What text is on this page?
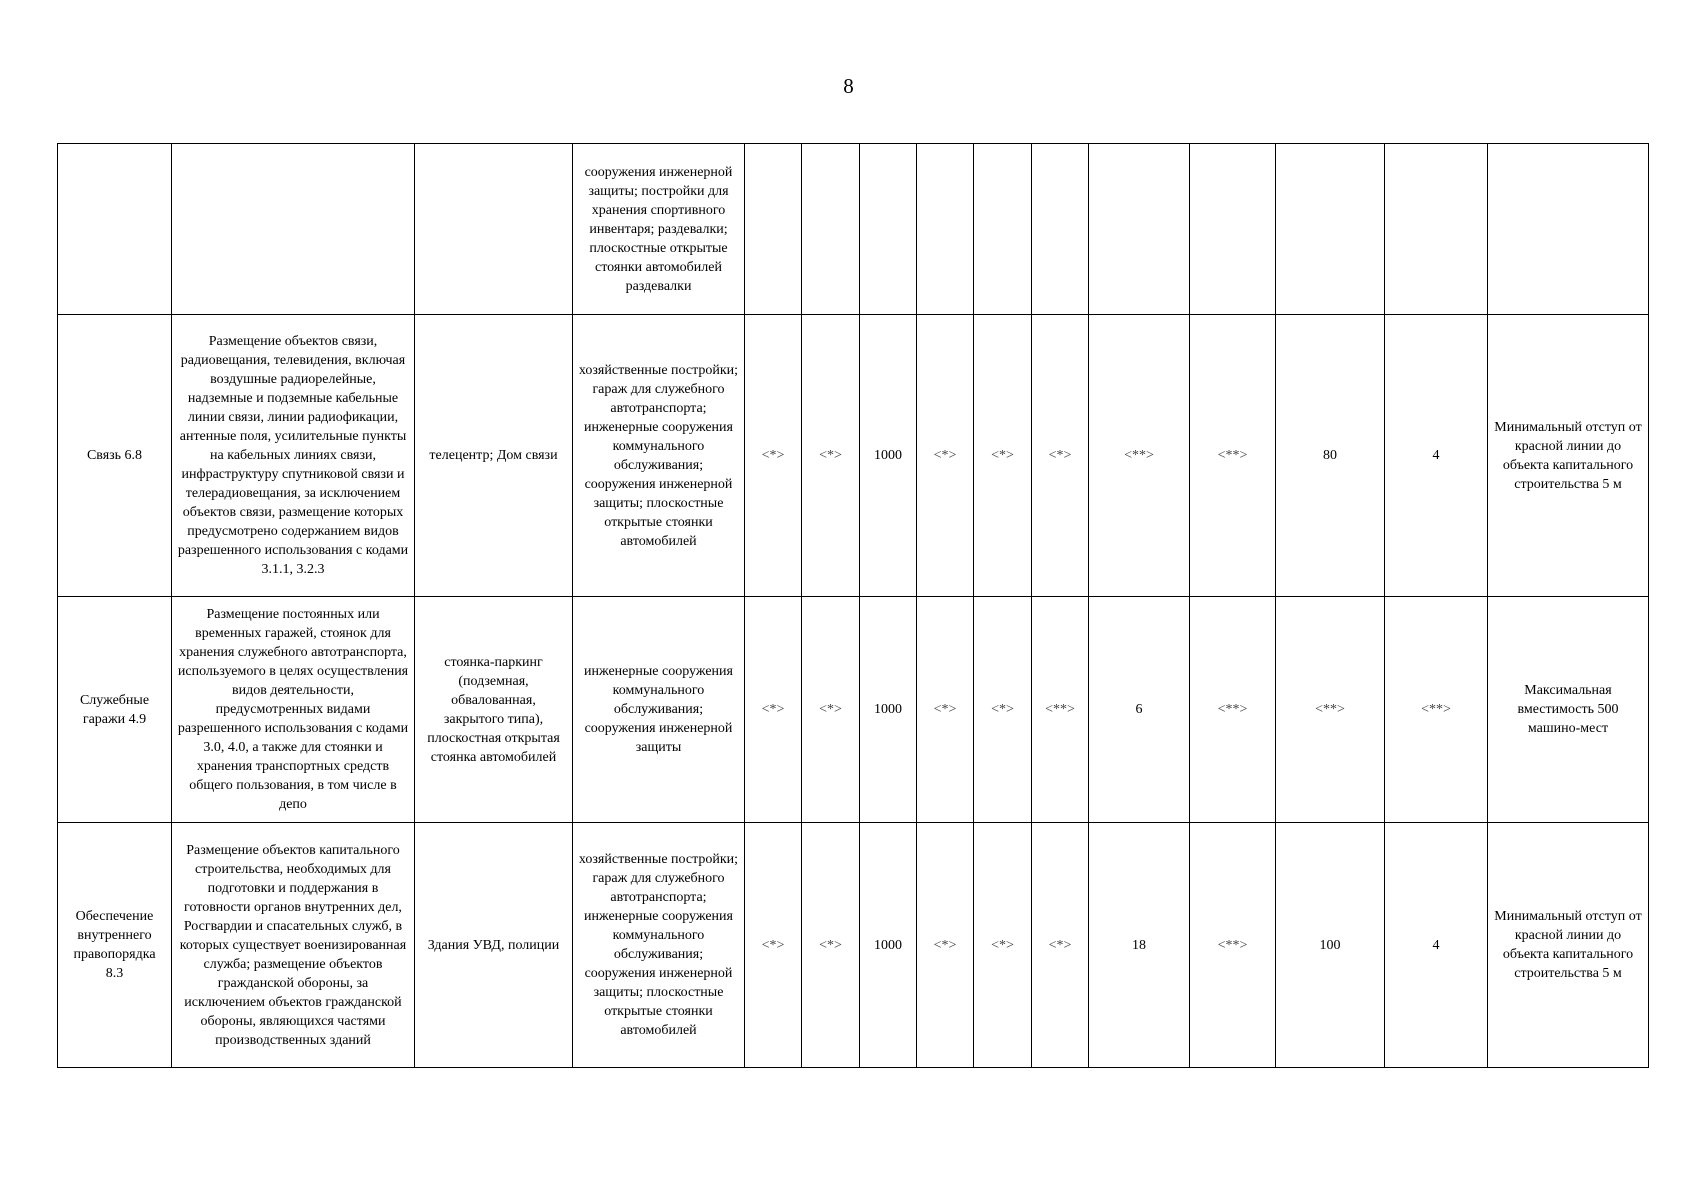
8
			сооружения инженерной защиты; постройки для хранения спортивного инвентаря; раздевалки; плоскостные открытые стоянки автомобилей раздевалки											
Связь 6.8	Размещение объектов связи, радиовещания, телевидения, включая воздушные радиорелейные, надземные и подземные кабельные линии связи, линии радиофикации, антенные поля, усилительные пункты на кабельных линиях связи, инфраструктуру спутниковой связи и телерадиовещания, за исключением объектов связи, размещение которых предусмотрено содержанием видов разрешенного использования с кодами 3.1.1, 3.2.3	телецентр; Дом связи	хозяйственные постройки; гараж для служебного автотранспорта; инженерные сооружения коммунального обслуживания; сооружения инженерной защиты; плоскостные открытые стоянки автомобилей	<*>	<*>	1000	<*>	<*>	<*>	<**>	<**>	80	4	Минимальный отступ от красной линии до объекта капитального строительства 5 м
Служебные гаражи 4.9	Размещение постоянных или временных гаражей, стоянок для хранения служебного автотранспорта, используемого в целях осуществления видов деятельности, предусмотренных видами разрешенного использования с кодами 3.0, 4.0, а также для стоянки и хранения транспортных средств общего пользования, в том числе в депо	стоянка-паркинг (подземная, обвалованная, закрытого типа), плоскостная открытая стоянка автомобилей	инженерные сооружения коммунального обслуживания; сооружения инженерной защиты	<*>	<*>	1000	<*>	<*>	<**>	6	<**>	<**>	<**>	Максимальная вместимость 500 машино-мест
Обеспечение внутреннего правопорядка 8.3	Размещение объектов капитального строительства, необходимых для подготовки и поддержания в готовности органов внутренних дел, Росгвардии и спасательных служб, в которых существует военизированная служба; размещение объектов гражданской обороны, за исключением объектов гражданской обороны, являющихся частями производственных зданий	Здания УВД, полиции	хозяйственные постройки; гараж для служебного автотранспорта; инженерные сооружения коммунального обслуживания; сооружения инженерной защиты; плоскостные открытые стоянки автомобилей	<*>	<*>	1000	<*>	<*>	<*>	18	<**>	100	4	Минимальный отступ от красной линии до объекта капитального строительства 5 м
